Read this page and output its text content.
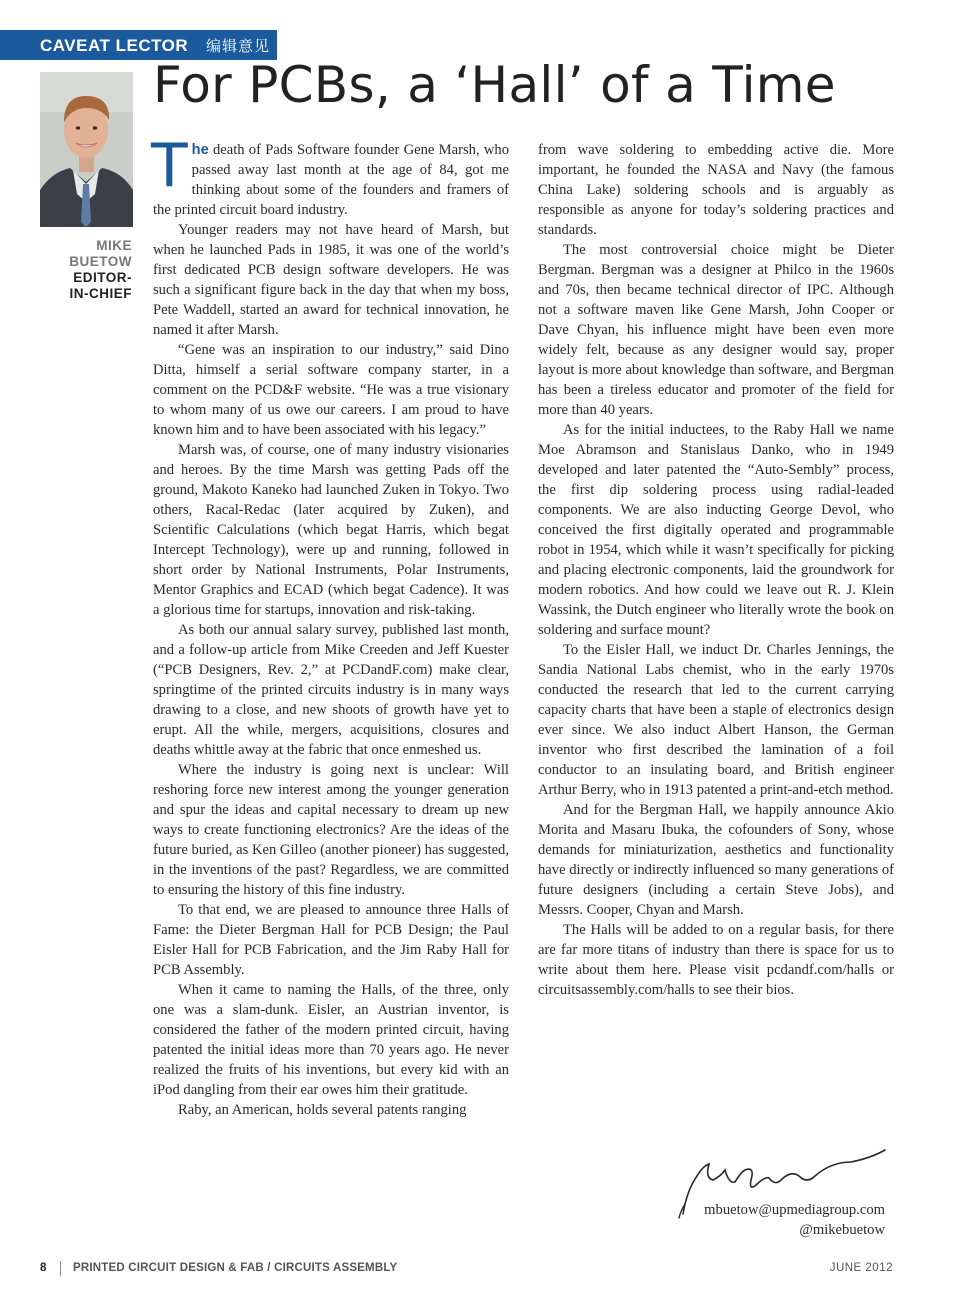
CAVEAT LECTOR 编辑意见
For PCBs, a ‘Hall’ of a Time
MIKE
BUETOW
EDITOR-
IN-CHIEF

The death of Pads Software founder Gene Marsh, who passed away last month at the age of 84, got me thinking about some of the founders and framers of the printed circuit board industry.

Younger readers may not have heard of Marsh, but when he launched Pads in 1985, it was one of the world’s first dedicated PCB design software developers. He was such a significant figure back in the day that when my boss, Pete Waddell, started an award for technical innovation, he named it after Marsh.

“Gene was an inspiration to our industry,” said Dino Ditta, himself a serial software company starter, in a comment on the PCD&F website. “He was a true visionary to whom many of us owe our careers. I am proud to have known him and to have been associated with his legacy.”

Marsh was, of course, one of many industry visionaries and heroes. By the time Marsh was getting Pads off the ground, Makoto Kaneko had launched Zuken in Tokyo. Two others, Racal-Redac (later acquired by Zuken), and Scientific Calculations (which begat Harris, which begat Intercept Technology), were up and running, followed in short order by National Instruments, Polar Instruments, Mentor Graphics and ECAD (which begat Cadence). It was a glorious time for startups, innovation and risk-taking.

As both our annual salary survey, published last month, and a follow-up article from Mike Creeden and Jeff Kuester (“PCB Designers, Rev. 2,” at PCDandF.com) make clear, springtime of the printed circuits industry is in many ways drawing to a close, and new shoots of growth have yet to erupt. All the while, mergers, acquisitions, closures and deaths whittle away at the fabric that once enmeshed us.

Where the industry is going next is unclear: Will reshoring force new interest among the younger generation and spur the ideas and capital necessary to dream up new ways to create functioning electronics? Are the ideas of the future buried, as Ken Gilleo (another pioneer) has suggested, in the inventions of the past? Regardless, we are committed to ensuring the history of this fine industry.

To that end, we are pleased to announce three Halls of Fame: the Dieter Bergman Hall for PCB Design; the Paul Eisler Hall for PCB Fabrication, and the Jim Raby Hall for PCB Assembly.

When it came to naming the Halls, of the three, only one was a slam-dunk. Eisler, an Austrian inventor, is considered the father of the modern printed circuit, having patented the initial ideas more than 70 years ago. He never realized the fruits of his inventions, but every kid with an iPod dangling from their ear owes him their gratitude.

Raby, an American, holds several patents ranging

from wave soldering to embedding active die. More important, he founded the NASA and Navy (the famous China Lake) soldering schools and is arguably as responsible as anyone for today’s soldering practices and standards.

The most controversial choice might be Dieter Bergman. Bergman was a designer at Philco in the 1960s and 70s, then became technical director of IPC. Although not a software maven like Gene Marsh, John Cooper or Dave Chyan, his influence might have been even more widely felt, because as any designer would say, proper layout is more about knowledge than software, and Bergman has been a tireless educator and promoter of the field for more than 40 years.

As for the initial inductees, to the Raby Hall we name Moe Abramson and Stanislaus Danko, who in 1949 developed and later patented the “Auto-Sembly” process, the first dip soldering process using radial-leaded components. We are also inducting George Devol, who conceived the first digitally operated and programmable robot in 1954, which while it wasn’t specifically for picking and placing electronic components, laid the groundwork for modern robotics. And how could we leave out R. J. Klein Wassink, the Dutch engineer who literally wrote the book on soldering and surface mount?

To the Eisler Hall, we induct Dr. Charles Jennings, the Sandia National Labs chemist, who in the early 1970s conducted the research that led to the current carrying capacity charts that have been a staple of electronics design ever since. We also induct Albert Hanson, the German inventor who first described the lamination of a foil conductor to an insulating board, and British engineer Arthur Berry, who in 1913 patented a print-and-etch method.

And for the Bergman Hall, we happily announce Akio Morita and Masaru Ibuka, the cofounders of Sony, whose demands for miniaturization, aesthetics and functionality have directly or indirectly influenced so many generations of future designers (including a certain Steve Jobs), and Messrs. Cooper, Chyan and Marsh.

The Halls will be added to on a regular basis, for there are far more titans of industry than there is space for us to write about them here. Please visit pcdandf.com/halls or circuitsassembly.com/halls to see their bios.

mbuetow@upmediagroup.com
@mikebuetow
8 PRINTED CIRCUIT DESIGN & FAB / CIRCUITS ASSEMBLY	JUNE 2012
